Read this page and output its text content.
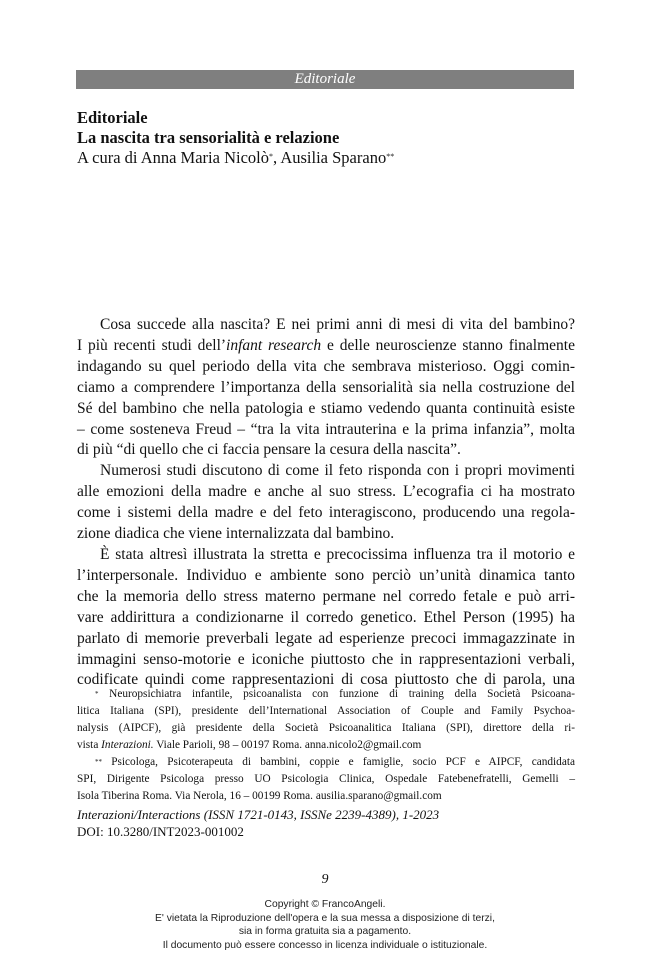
Editoriale
Editoriale
La nascita tra sensorialità e relazione
A cura di Anna Maria Nicolò*, Ausilia Sparano**
Cosa succede alla nascita? E nei primi anni di mesi di vita del bambino?
I più recenti studi dell’infant research e delle neuroscienze stanno finalmente
indagando su quel periodo della vita che sembrava misterioso. Oggi comin-
ciamo a comprendere l’importanza della sensorialità sia nella costruzione del
Sé del bambino che nella patologia e stiamo vedendo quanta continuità esiste
– come sosteneva Freud – “tra la vita intrauterina e la prima infanzia”, molta
di più “di quello che ci faccia pensare la cesura della nascita”.
Numerosi studi discutono di come il feto risponda con i propri movimenti
alle emozioni della madre e anche al suo stress. L’ecografia ci ha mostrato
come i sistemi della madre e del feto interagiscono, producendo una regola-
zione diadica che viene internalizzata dal bambino.
È stata altresì illustrata la stretta e precocissima influenza tra il motorio e
l’interpersonale. Individuo e ambiente sono perciò un’unità dinamica tanto
che la memoria dello stress materno permane nel corredo fetale e può arri-
vare addirittura a condizionarne il corredo genetico. Ethel Person (1995) ha
parlato di memorie preverbali legate ad esperienze precoci immagazzinate in
immagini senso-motorie e iconiche piuttosto che in rappresentazioni verbali,
codificate quindi come rappresentazioni di cosa piuttosto che di parola, una
* Neuropsichiatra infantile, psicoanalista con funzione di training della Società Psicoana-
litica Italiana (SPI), presidente dell’International Association of Couple and Family Psychoa-
nalysis (AIPCF), già presidente della Società Psicoanalitica Italiana (SPI), direttore della ri-
vista Interazioni. Viale Parioli, 98 – 00197 Roma. anna.nicolo2@gmail.com
** Psicologa, Psicoterapeuta di bambini, coppie e famiglie, socio PCF e AIPCF, candidata
SPI, Dirigente Psicologa presso UO Psicologia Clinica, Ospedale Fatebenefratelli, Gemelli –
Isola Tiberina Roma. Via Nerola, 16 – 00199 Roma. ausilia.sparano@gmail.com
Interazioni/Interactions (ISSN 1721-0143, ISSNe 2239-4389), 1-2023
DOI: 10.3280/INT2023-001002
9
Copyright © FrancoAngeli.
E' vietata la Riproduzione dell'opera e la sua messa a disposizione di terzi,
sia in forma gratuita sia a pagamento.
Il documento può essere concesso in licenza individuale o istituzionale.
